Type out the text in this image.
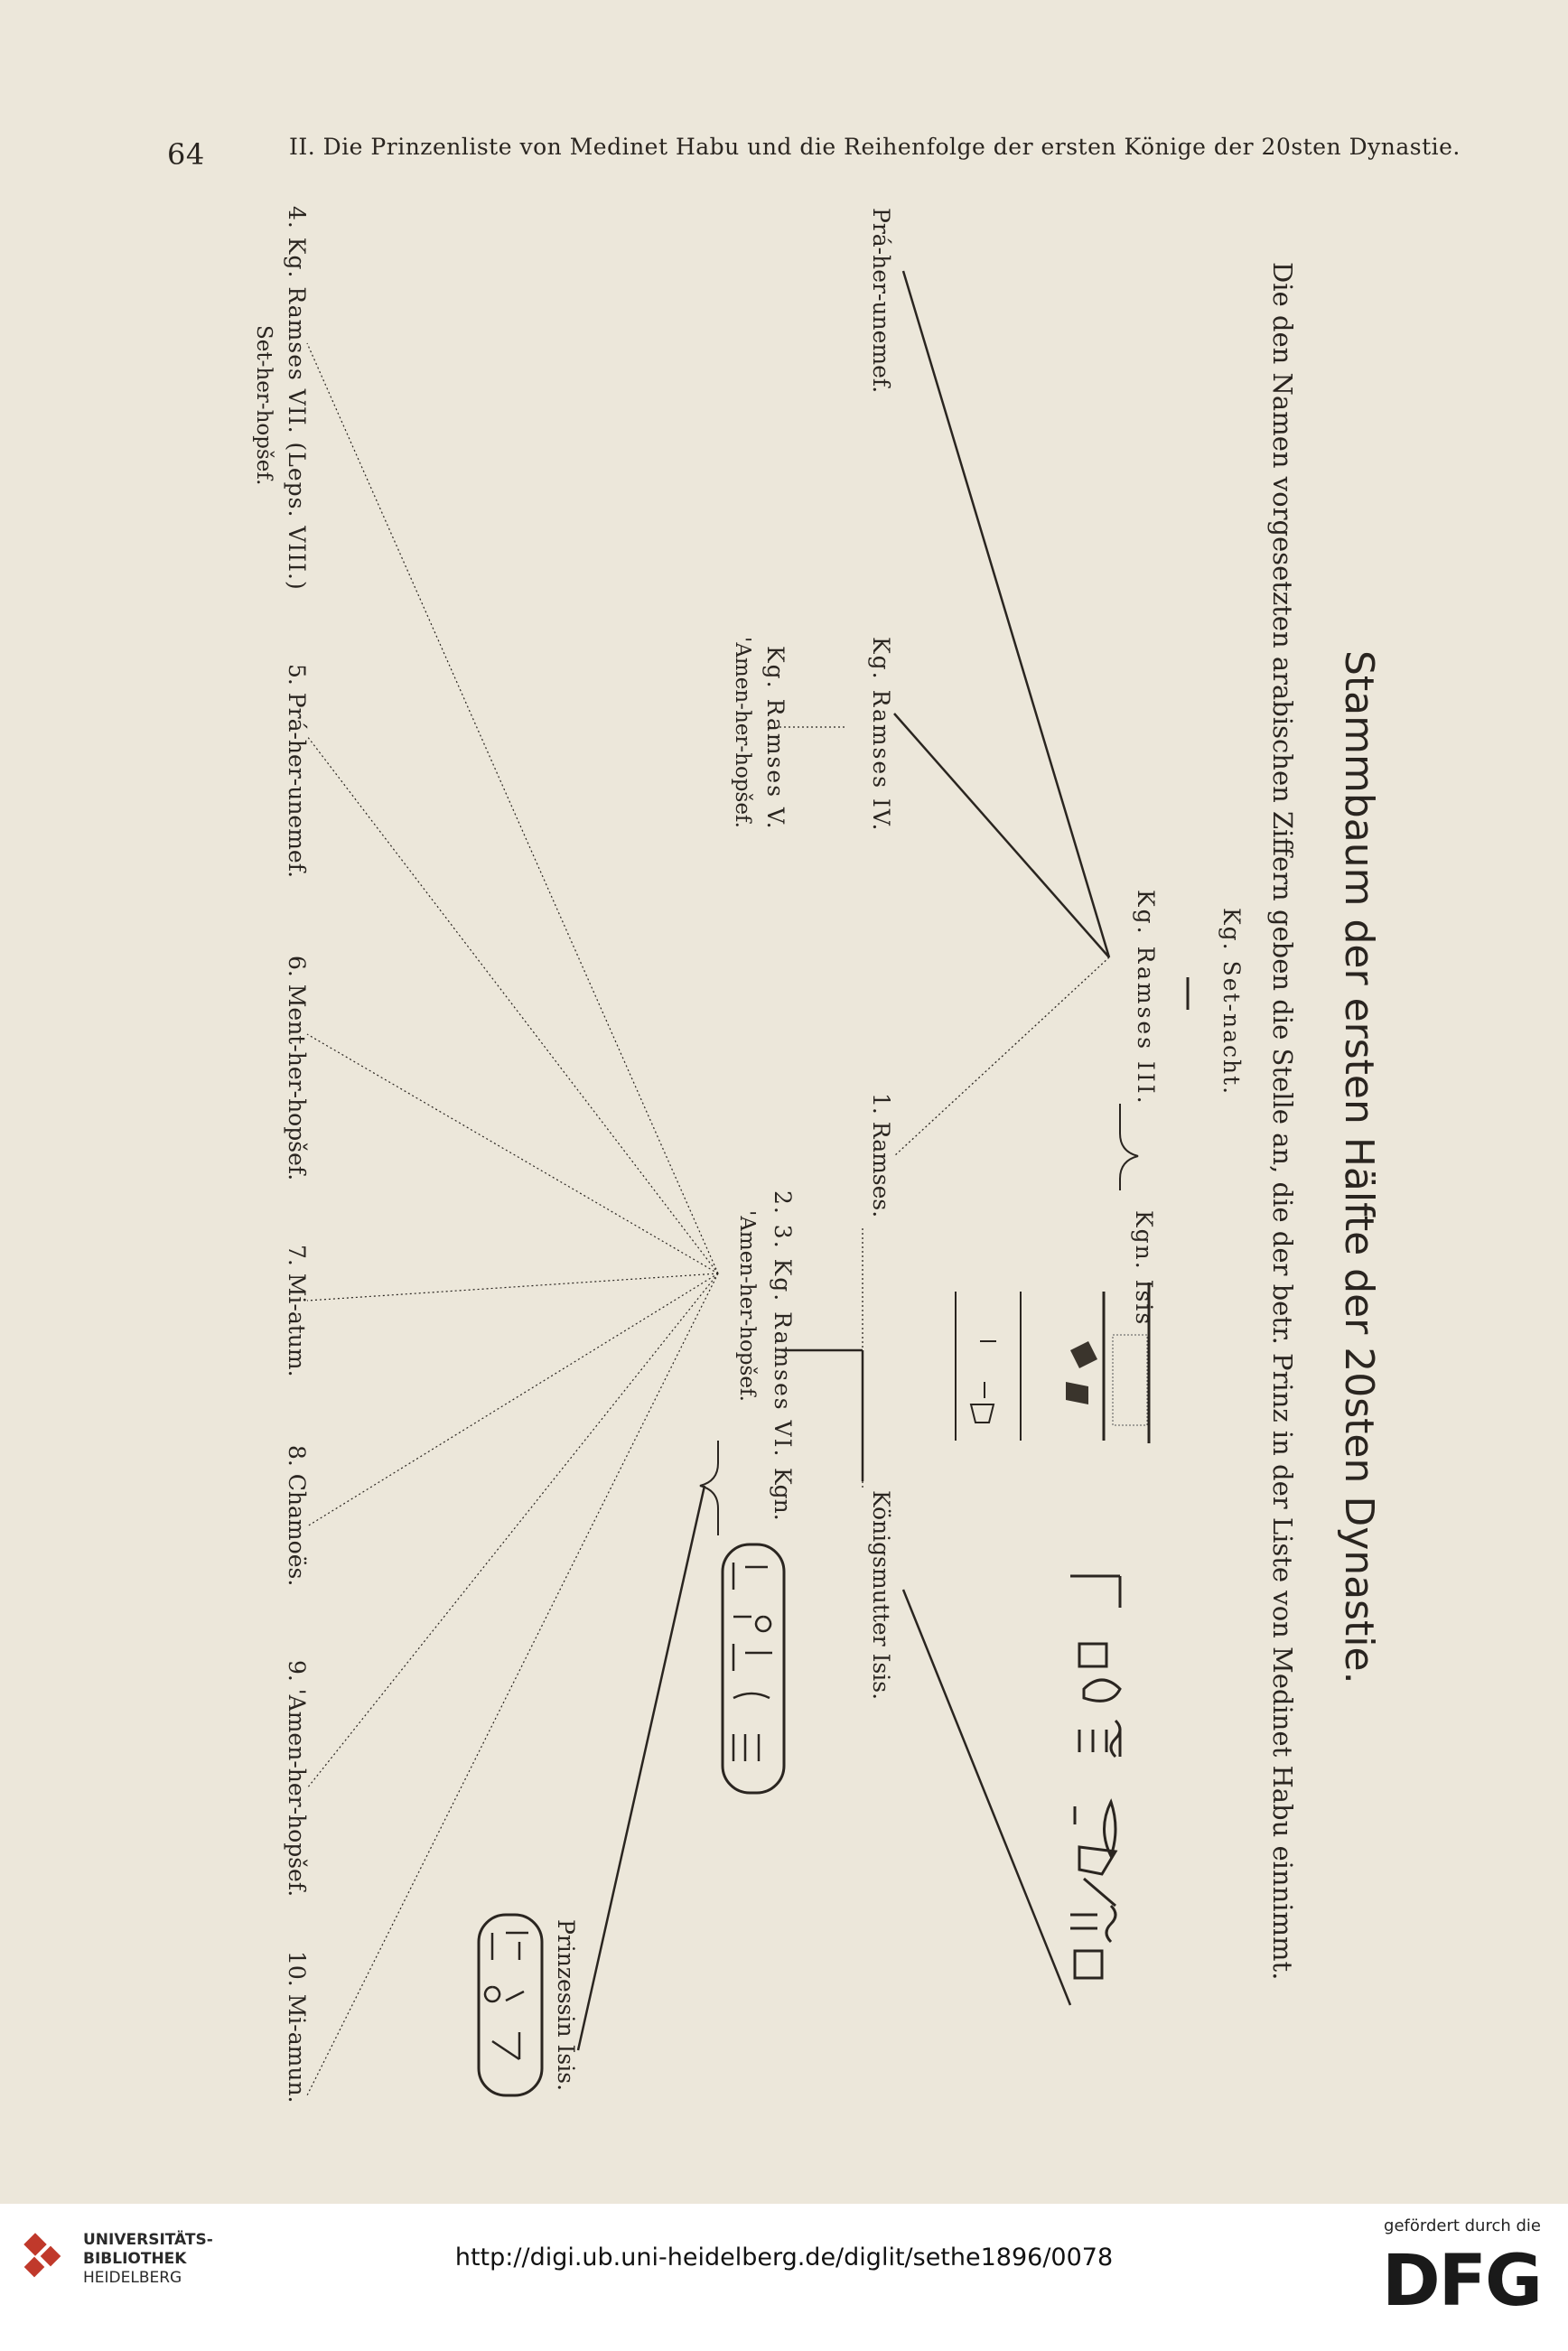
64	II. Die Prinzenliste von Medinet Habu und die Reihenfolge der ersten Könige der 20sten Dynastie.
Stammbaum der ersten Hälfte der 20sten Dynastie.
Die den Namen vorgesetzten arabischen Ziffern geben die Stelle an, die der betr. Prinz in der Liste von Medinet Habu einnimmt.
Kg. Set-nacht.
Kg. Ramses III.
Kgn. Isis
Prá-her-unemef.
Kg. Ramses IV.
Kg. Ramses V.
'Amen-her-hopšef.
1. Ramses.
2. 3. Kg. Ramses VI.
'Amen-her-hopšef.
Kgn.	Königsmutter Isis.
Prinzessin Isis.
4. Kg. Ramses VII. (Leps. VIII.)
Set-her-hopšef.
5. Prá-her-unemef.
6. Ment-her-hopšef.
7. Mi-atum.
8. Chamoës.
9. 'Amen-her-hopšef.
10. Mi-amun.
UNIVERSITÄTS-
BIBLIOTHEK
HEIDELBERG
http://digi.ub.uni-heidelberg.de/diglit/sethe1896/0078
gefördert durch die
DFG
